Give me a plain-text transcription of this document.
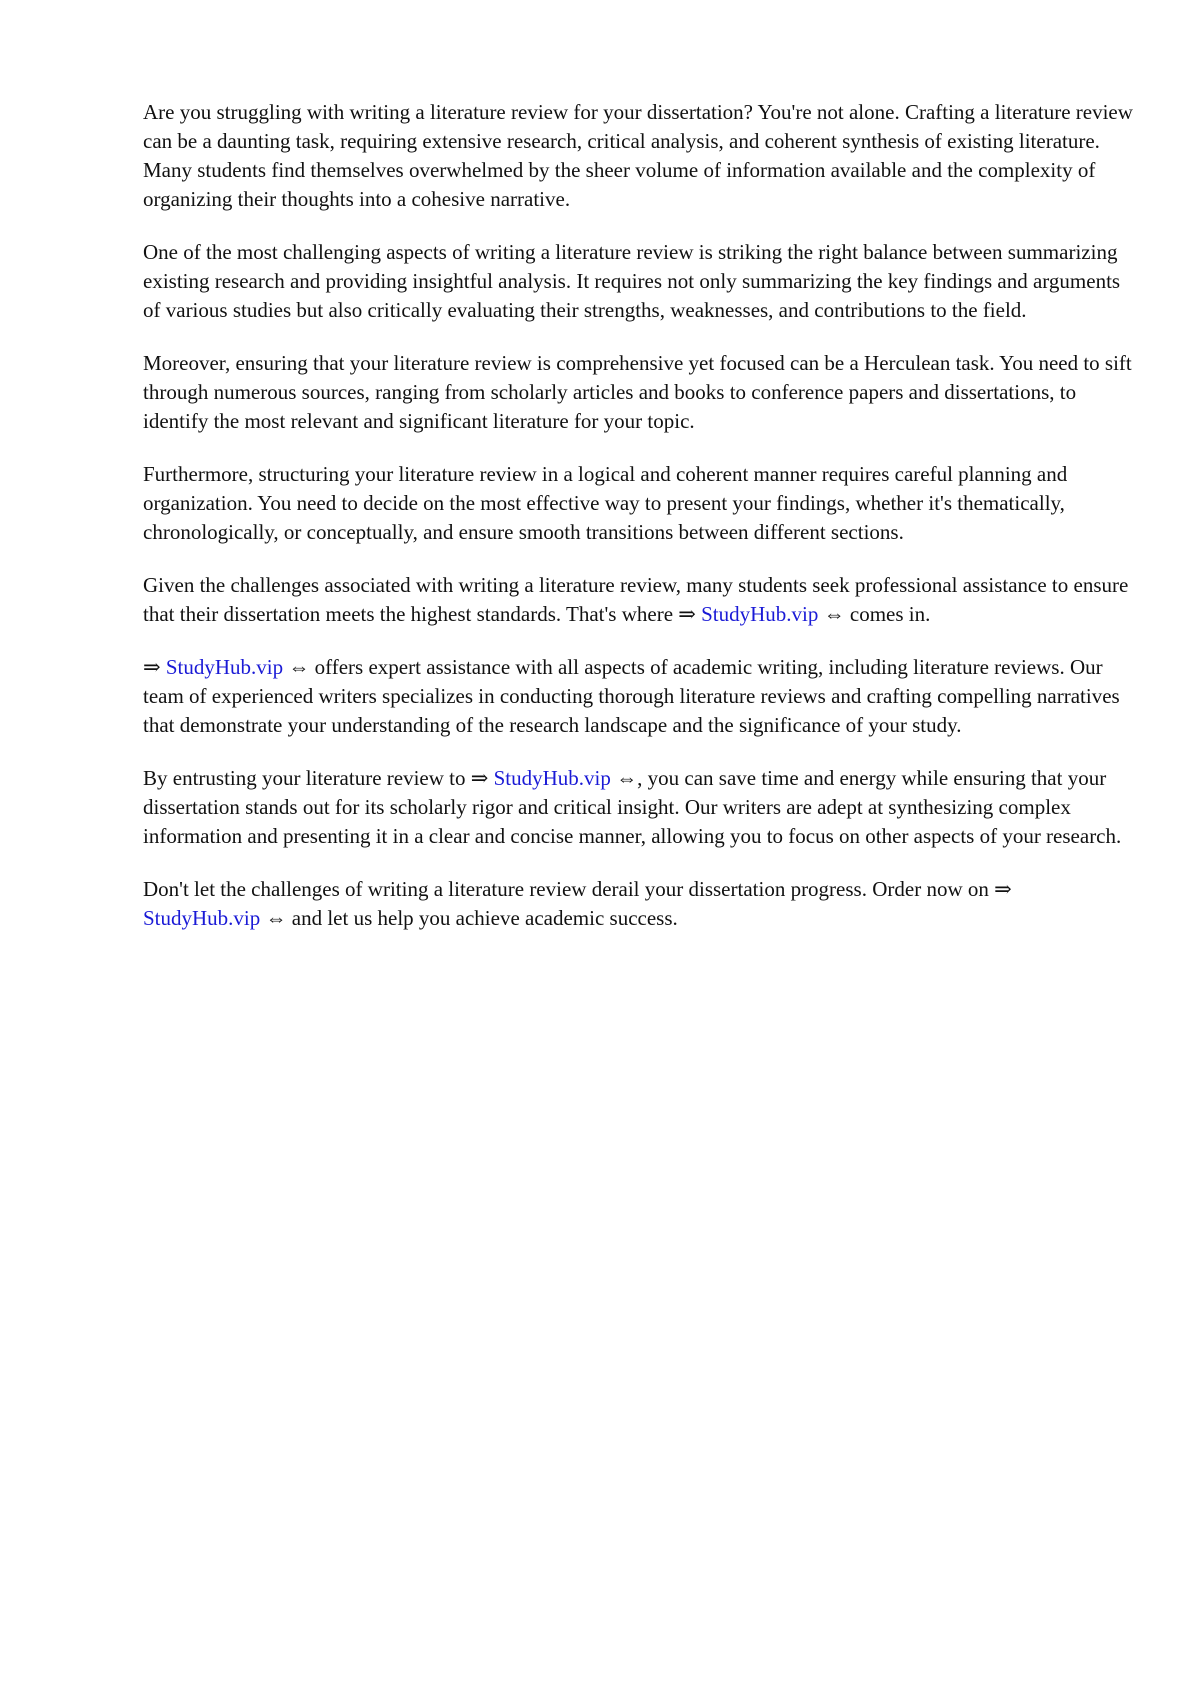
Are you struggling with writing a literature review for your dissertation? You're not alone. Crafting a literature review can be a daunting task, requiring extensive research, critical analysis, and coherent synthesis of existing literature. Many students find themselves overwhelmed by the sheer volume of information available and the complexity of organizing their thoughts into a cohesive narrative.

One of the most challenging aspects of writing a literature review is striking the right balance between summarizing existing research and providing insightful analysis. It requires not only summarizing the key findings and arguments of various studies but also critically evaluating their strengths, weaknesses, and contributions to the field.

Moreover, ensuring that your literature review is comprehensive yet focused can be a Herculean task. You need to sift through numerous sources, ranging from scholarly articles and books to conference papers and dissertations, to identify the most relevant and significant literature for your topic.

Furthermore, structuring your literature review in a logical and coherent manner requires careful planning and organization. You need to decide on the most effective way to present your findings, whether it's thematically, chronologically, or conceptually, and ensure smooth transitions between different sections.

Given the challenges associated with writing a literature review, many students seek professional assistance to ensure that their dissertation meets the highest standards. That's where ⇒ StudyHub.vip ⇔ comes in.

⇒ StudyHub.vip ⇔ offers expert assistance with all aspects of academic writing, including literature reviews. Our team of experienced writers specializes in conducting thorough literature reviews and crafting compelling narratives that demonstrate your understanding of the research landscape and the significance of your study.

By entrusting your literature review to ⇒ StudyHub.vip ⇔, you can save time and energy while ensuring that your dissertation stands out for its scholarly rigor and critical insight. Our writers are adept at synthesizing complex information and presenting it in a clear and concise manner, allowing you to focus on other aspects of your research.

Don't let the challenges of writing a literature review derail your dissertation progress. Order now on ⇒ StudyHub.vip ⇔ and let us help you achieve academic success.
